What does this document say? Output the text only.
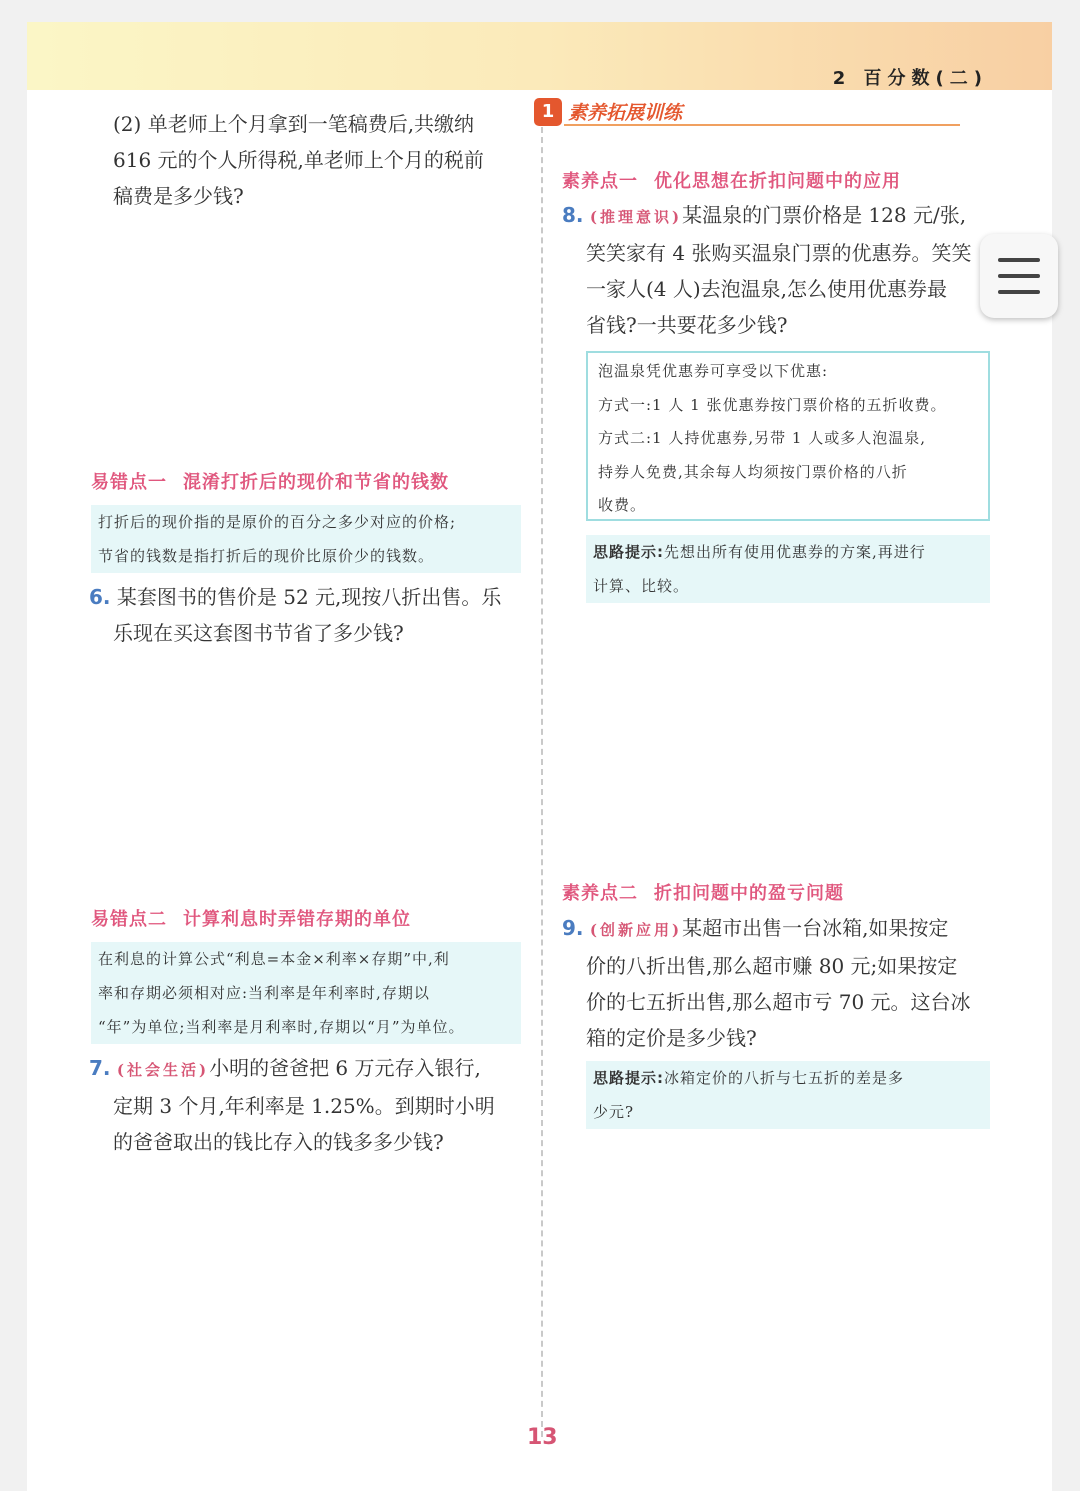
2 百分数(二)
(2) 单老师上个月拿到一笔稿费后,共缴纳
616 元的个人所得税,单老师上个月的税前
稿费是多少钱?
易错点一 混淆打折后的现价和节省的钱数
打折后的现价指的是原价的百分之多少对应的价格;
节省的钱数是指打折后的现价比原价少的钱数。
6. 某套图书的售价是 52 元,现按八折出售。乐
乐现在买这套图书节省了多少钱?
易错点二 计算利息时弄错存期的单位
在利息的计算公式“利息=本金×利率×存期”中,利
率和存期必须相对应:当利率是年利率时,存期以
“年”为单位;当利率是月利率时,存期以“月”为单位。
7. (社会生活)小明的爸爸把 6 万元存入银行,
定期 3 个月,年利率是 1.25%。到期时小明
的爸爸取出的钱比存入的钱多多少钱?
13
1 素养拓展训练
素养点一 优化思想在折扣问题中的应用
8. (推理意识)某温泉的门票价格是 128 元/张,
笑笑家有 4 张购买温泉门票的优惠券。笑笑
一家人(4 人)去泡温泉,怎么使用优惠券最
省钱?一共要花多少钱?
泡温泉凭优惠券可享受以下优惠:
方式一:1 人 1 张优惠券按门票价格的五折收费。
方式二:1 人持优惠券,另带 1 人或多人泡温泉,
持券人免费,其余每人均须按门票价格的八折
收费。
思路提示:先想出所有使用优惠券的方案,再进行
计算、比较。
素养点二 折扣问题中的盈亏问题
9. (创新应用)某超市出售一台冰箱,如果按定
价的八折出售,那么超市赚 80 元;如果按定
价的七五折出售,那么超市亏 70 元。这台冰
箱的定价是多少钱?
思路提示:冰箱定价的八折与七五折的差是多
少元?
